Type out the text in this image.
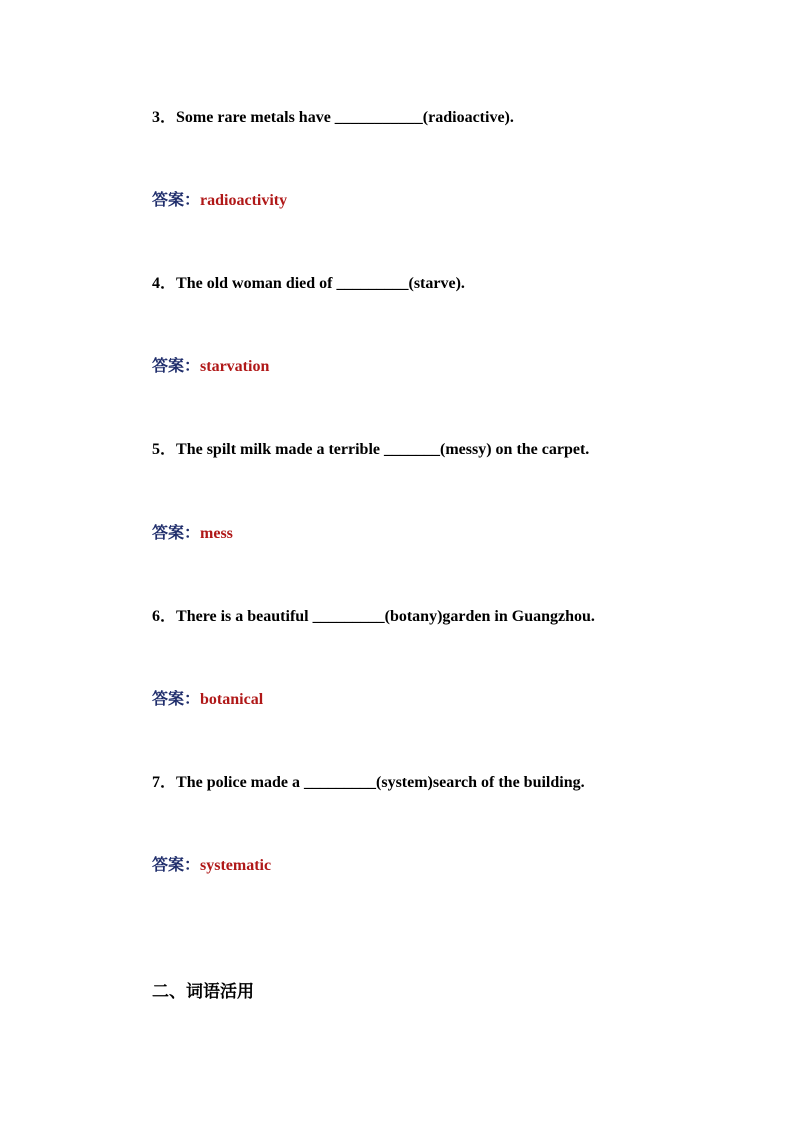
3．Some rare metals have ___________(radioactive).
答案：radioactivity
4．The old woman died of _________(starve).
答案：starvation
5．The spilt milk made a terrible _______(messy) on the carpet.
答案：mess
6．There is a beautiful _________(botany)garden in Guangzhou.
答案：botanical
7．The police made a _________(system)search of the building.
答案：systematic
二、词语活用
